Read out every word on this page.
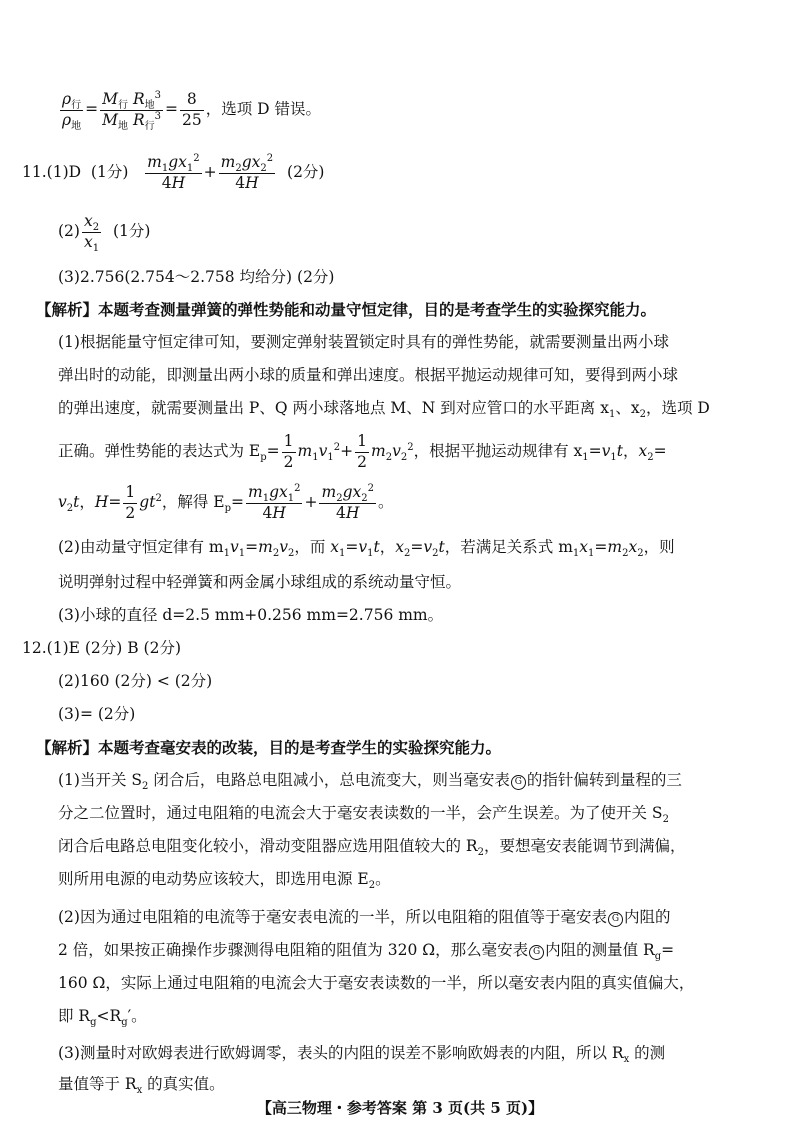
$\frac{\rho_行}{\rho_地} = \frac{M_行 R_地^3}{M_地 R_行^3} = \frac{8}{25}$ ，选项 D 错误。
11.(1)D (1分) $\frac{m_1gx_1^2}{4H} + \frac{m_2gx_2^2}{4H} (2$分)
$(2) \frac{x_2}{x_1} (1$分)
(3)2.756(2.754～2.758 均给分) (2分)
【解析】本题考查测量弹簧的弹性势能和动量守恒定律，目的是考查学生的实验探究能力。
(1)根据能量守恒定律可知，要测定弹射装置锁定时具有的弹性势能，就需要测量出两小球
弹出时的动能，即测量出两小球的质量和弹出速度。根据平抛运动规律可知，要得到两小球
的弹出速度，就需要测量出 P、Q 两小球落地点 M、N 到对应管口的水平距离 $x_1$、$x_2$，选项 D
正确。弹性势能的表达式为 $E_p= \frac{1}{2} m_1v_1^2+ \frac{1}{2} m_2v_2^2$，根据平抛运动规律有 $x_1=v_1t$，$x_2=$
$v_2t$，$H= \frac{1}{2} gt^2$，解得 $E_p= \frac{m_1gx_1^2}{4H} + \frac{m_2gx_2^2}{4H}$ 。
(2)由动量守恒定律有 $m_1v_1=m_2v_2$，而 $x_1=v_1t$，$x_2=v_2t$，若满足关系式 $m_1x_1=m_2x_2$，则
说明弹射过程中轻弹簧和两金属小球组成的系统动量守恒。
(3)小球的直径 d=2.5 mm+0.256 mm=2.756 mm。
12.(1)E (2分) B (2分)
(2)160 (2分) < (2分)
(3)= (2分)
【解析】本题考查毫安表的改装，目的是考查学生的实验探究能力。
(1)当开关 $S_2$ 闭合后，电路总电阻减小，总电流变大，则当毫安表 G 的指针偏转到量程的三
分之二位置时，通过电阻箱的电流会大于毫安表读数的一半，会产生误差。为了使开关 $S_2$
闭合后电路总电阻变化较小，滑动变阻器应选用阻值较大的 $R_2$，要想毫安表能调节到满偏，
则所用电源的电动势应该较大，即选用电源 $E_2$。
(2)因为通过电阻箱的电流等于毫安表电流的一半，所以电阻箱的阻值等于毫安表 G 内阻的
2 倍，如果按正确操作步骤测得电阻箱的阻值为 320 Ω，那么毫安表 G 内阻的测量值 $R_g=$
160 Ω，实际上通过电阻箱的电流会大于毫安表读数的一半，所以毫安表内阻的真实值偏大，
即 $R_g<R_g'$。
(3)测量时对欧姆表进行欧姆调零，表头的内阻的误差不影响欧姆表的内阻，所以 $R_x$ 的测
量值等于 $R_x$ 的真实值。
【高三物理・参考答案 第 3 页(共 5 页)】
